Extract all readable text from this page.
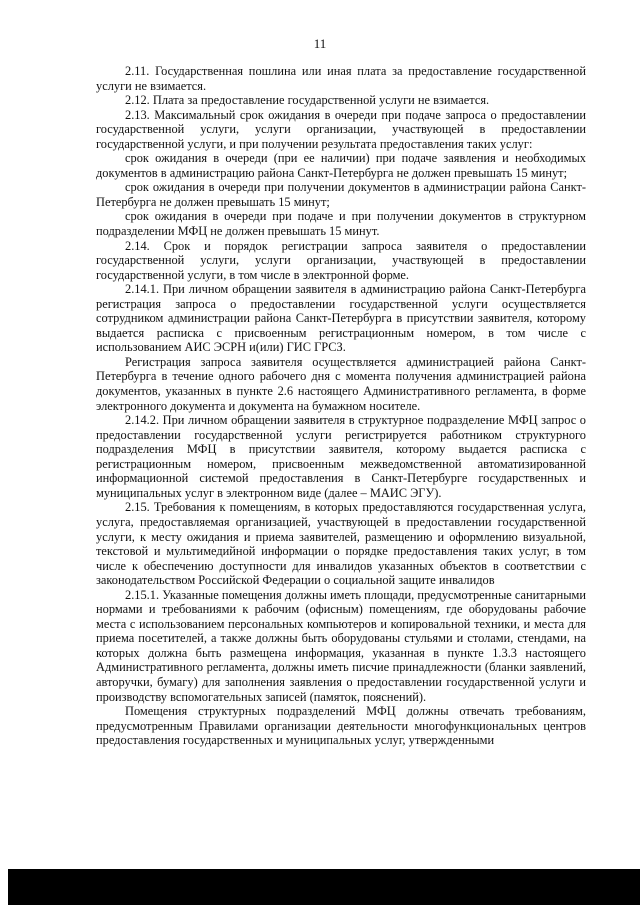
11

2.11. Государственная пошлина или иная плата за предоставление государственной услуги не взимается.

2.12. Плата за предоставление государственной услуги не взимается.

2.13. Максимальный срок ожидания в очереди при подаче запроса о предоставлении государственной услуги, услуги организации, участвующей в предоставлении государственной услуги, и при получении результата предоставления таких услуг:

срок ожидания в очереди (при ее наличии) при подаче заявления и необходимых документов в администрацию района Санкт-Петербурга не должен превышать 15 минут;

срок ожидания в очереди при получении документов в администрации района Санкт-Петербурга не должен превышать 15 минут;

срок ожидания в очереди при подаче и при получении документов в структурном подразделении МФЦ не должен превышать 15 минут.

2.14. Срок и порядок регистрации запроса заявителя о предоставлении государственной услуги, услуги организации, участвующей в предоставлении государственной услуги, в том числе в электронной форме.

2.14.1. При личном обращении заявителя в администрацию района Санкт-Петербурга регистрация запроса о предоставлении государственной услуги осуществляется сотрудником администрации района Санкт-Петербурга в присутствии заявителя, которому выдается расписка с присвоенным регистрационным номером, в том числе с использованием АИС ЭСРН и(или) ГИС ГРСЗ.

Регистрация запроса заявителя осуществляется администрацией района Санкт-Петербурга в течение одного рабочего дня с момента получения администрацией района документов, указанных в пункте 2.6 настоящего Административного регламента, в форме электронного документа и документа на бумажном носителе.

2.14.2. При личном обращении заявителя в структурное подразделение МФЦ запрос о предоставлении государственной услуги регистрируется работником структурного подразделения МФЦ в присутствии заявителя, которому выдается расписка с регистрационным номером, присвоенным межведомственной автоматизированной информационной системой предоставления в Санкт-Петербурге государственных и муниципальных услуг в электронном виде (далее – МАИС ЭГУ).

2.15. Требования к помещениям, в которых предоставляются государственная услуга, услуга, предоставляемая организацией, участвующей в предоставлении государственной услуги, к месту ожидания и приема заявителей, размещению и оформлению визуальной, текстовой и мультимедийной информации о порядке предоставления таких услуг, в том числе к обеспечению доступности для инвалидов указанных объектов в соответствии с законодательством Российской Федерации о социальной защите инвалидов

2.15.1. Указанные помещения должны иметь площади, предусмотренные санитарными нормами и требованиями к рабочим (офисным) помещениям, где оборудованы рабочие места с использованием персональных компьютеров и копировальной техники, и места для приема посетителей, а также должны быть оборудованы стульями и столами, стендами, на которых должна быть размещена информация, указанная в пункте 1.3.3 настоящего Административного регламента, должны иметь писчие принадлежности (бланки заявлений, авторучки, бумагу) для заполнения заявления о предоставлении государственной услуги и производству вспомогательных записей (памяток, пояснений).

Помещения структурных подразделений МФЦ должны отвечать требованиям, предусмотренным Правилами организации деятельности многофункциональных центров предоставления государственных и муниципальных услуг, утвержденными
